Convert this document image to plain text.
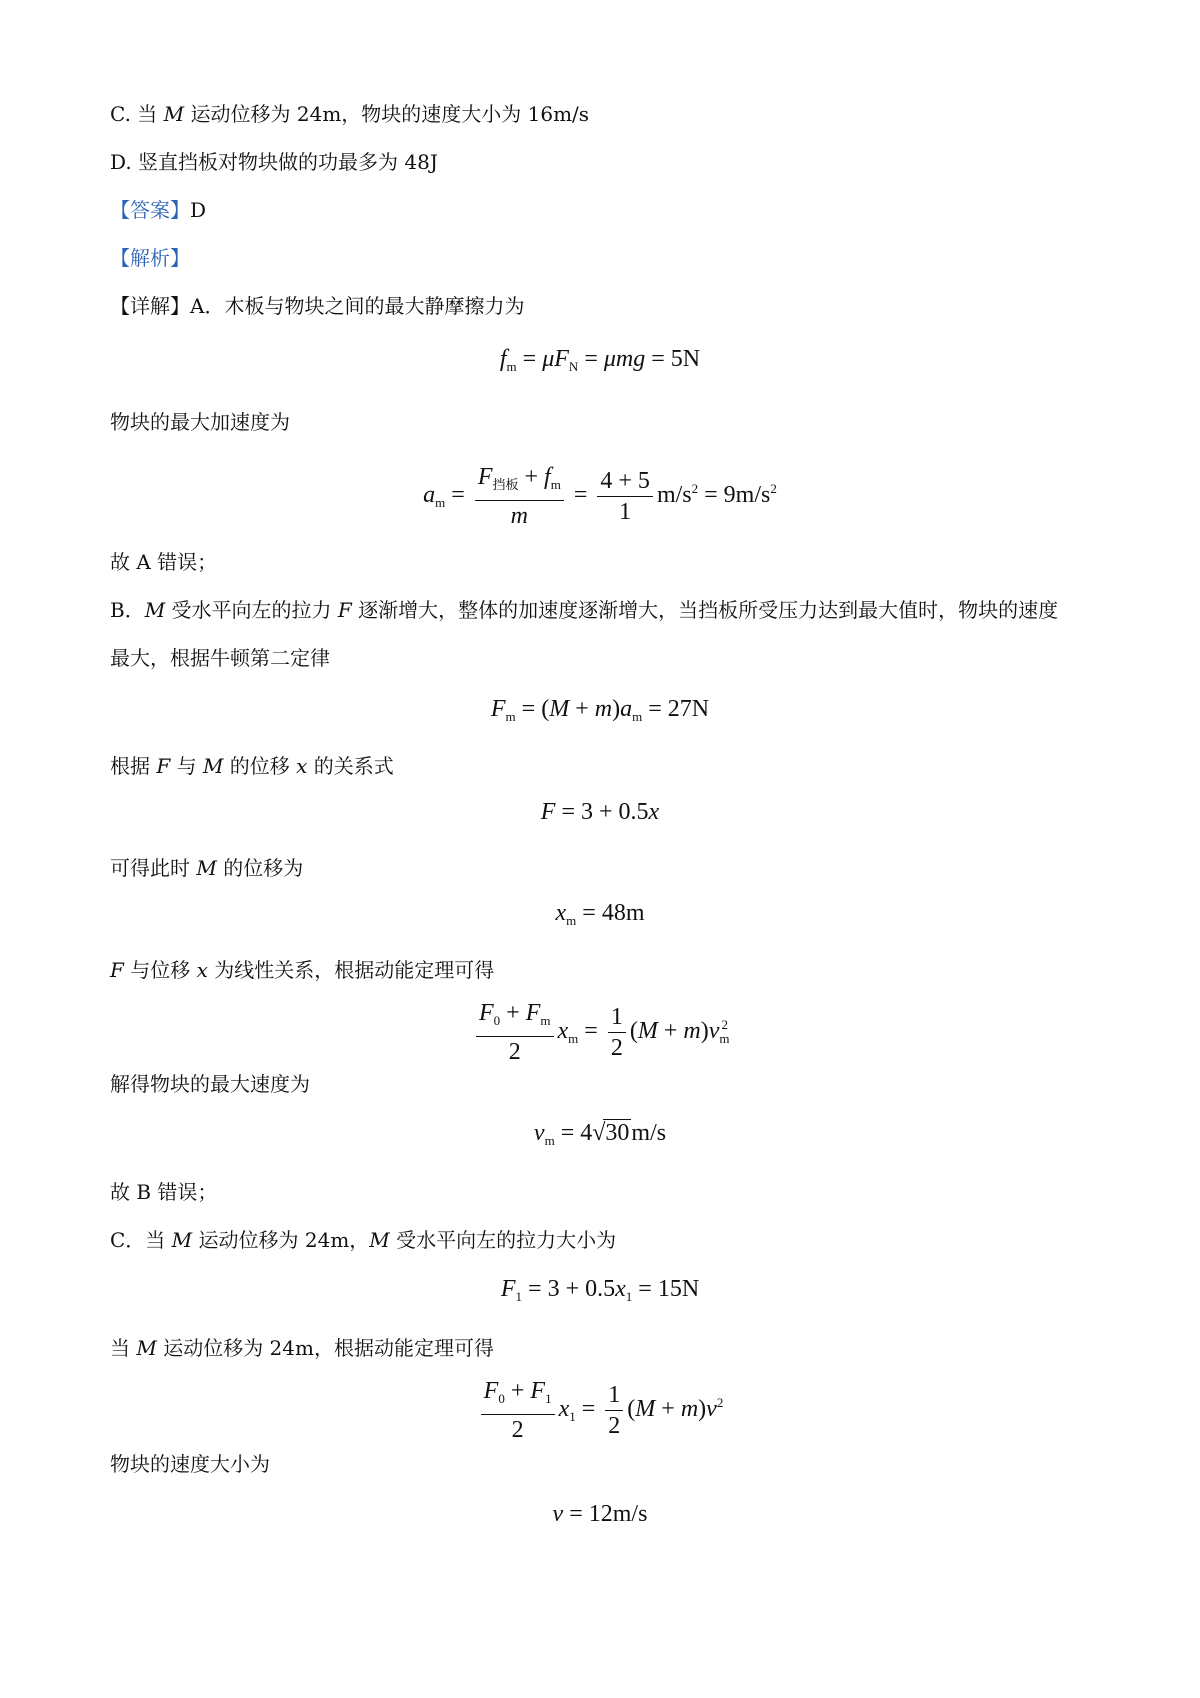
C. 当 M 运动位移为 24m，物块的速度大小为 16m/s
D. 竖直挡板对物块做的功最多为 48J
【答案】D
【解析】
【详解】A．木板与物块之间的最大静摩擦力为
$f_m = \mu F_N = \mu mg = 5N$
物块的最大加速度为
$a_m = \frac{F_{挡板} + f_m}{m} = \frac{4 + 5}{1} m/s^2 = 9m/s^2$
故 A 错误；
B．M 受水平向左的拉力 F 逐渐增大，整体的加速度逐渐增大，当挡板所受压力达到最大值时，物块的速度
最大，根据牛顿第二定律
$F_m = (M + m)a_m = 27N$
根据 F 与 M 的位移 x 的关系式
F = 3 + 0.5x
可得此时 M 的位移为
$x_m = 48m$
F 与位移 x 为线性关系，根据动能定理可得
$\frac{F_0 + F_m}{2} x_m = \frac{1}{2} (M + m)v_m^2$
解得物块的最大速度为
$v_m = 4√30m/s$
故 B 错误；
C．当 M 运动位移为 24m，M 受水平向左的拉力大小为
$F_1 = 3 + 0.5x_1 = 15N$
当 M 运动位移为 24m，根据动能定理可得
$\frac{F_0 + F_1}{2} x_1 = \frac{1}{2} (M + m)v^2$
物块的速度大小为
v = 12m/s
